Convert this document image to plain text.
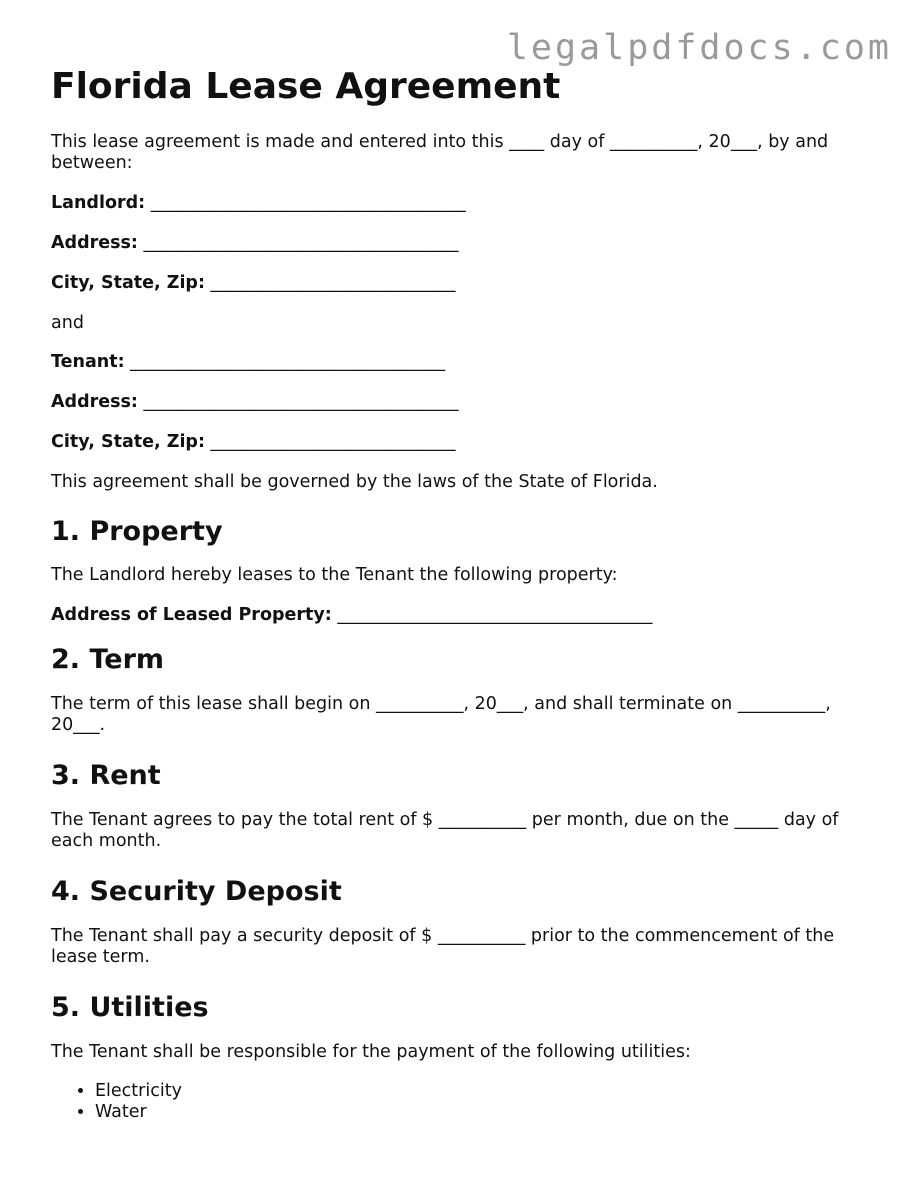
legalpdfdocs.com
Florida Lease Agreement

This lease agreement is made and entered into this ____ day of __________, 20___, by and between:

Landlord: ____________________________________
Address: ____________________________________
City, State, Zip: ____________________________

and

Tenant: ____________________________________
Address: ____________________________________
City, State, Zip: ____________________________

This agreement shall be governed by the laws of the State of Florida.

1. Property

The Landlord hereby leases to the Tenant the following property:

Address of Leased Property: ____________________________________
2. Term

The term of this lease shall begin on __________, 20___, and shall terminate on __________, 20___.

3. Rent

The Tenant agrees to pay the total rent of $ __________ per month, due on the _____ day of each month.

4. Security Deposit

The Tenant shall pay a security deposit of $ __________ prior to the commencement of the lease term.

5. Utilities

The Tenant shall be responsible for the payment of the following utilities:

• Electricity
• Water
